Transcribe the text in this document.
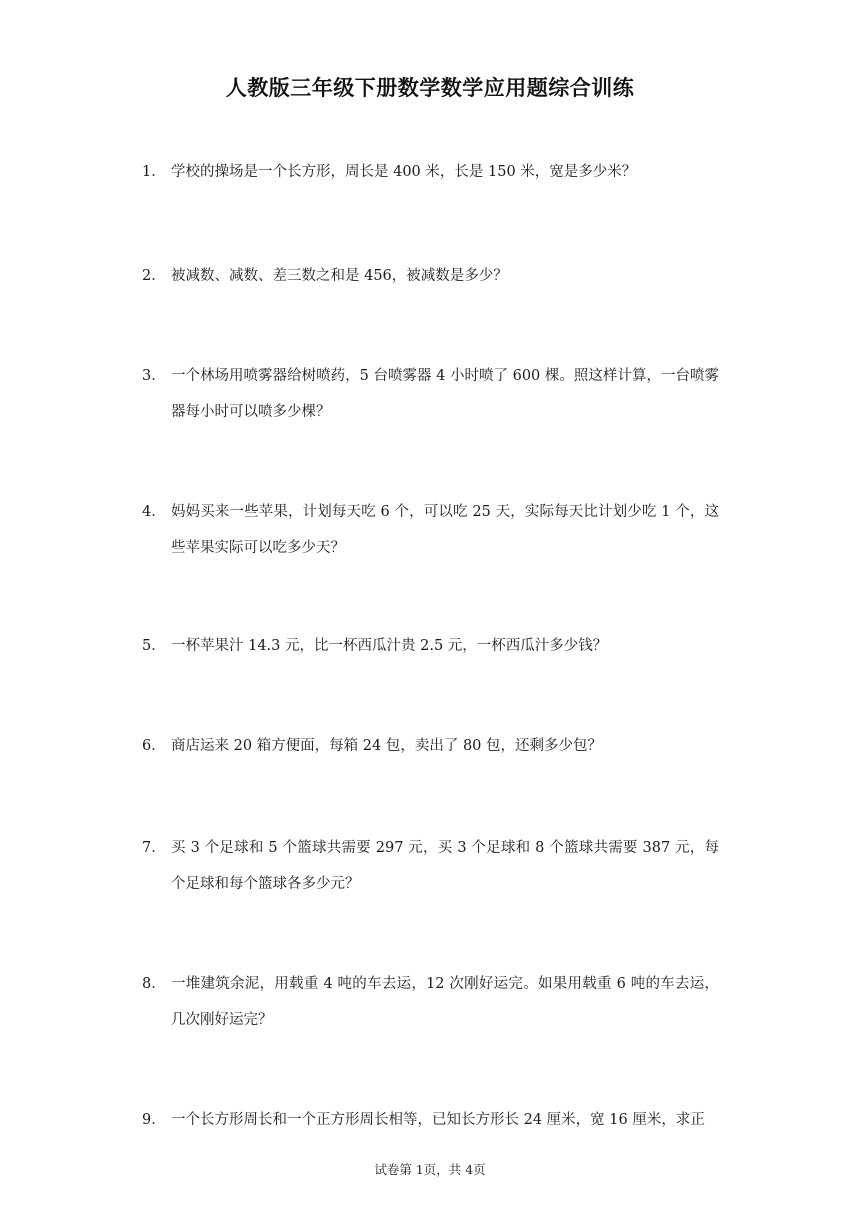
人教版三年级下册数学数学应用题综合训练
1． 学校的操场是一个长方形，周长是 400 米，长是 150 米，宽是多少米？
2． 被减数、减数、差三数之和是 456，被减数是多少？
3． 一个林场用喷雾器给树喷药，5 台喷雾器 4 小时喷了 600 棵。照这样计算，一台喷雾器每小时可以喷多少棵？
4． 妈妈买来一些苹果，计划每天吃 6 个，可以吃 25 天，实际每天比计划少吃 1 个，这些苹果实际可以吃多少天？
5． 一杯苹果汁 14.3 元，比一杯西瓜汁贵 2.5 元，一杯西瓜汁多少钱？
6． 商店运来 20 箱方便面，每箱 24 包，卖出了 80 包，还剩多少包？
7． 买 3 个足球和 5 个篮球共需要 297 元，买 3 个足球和 8 个篮球共需要 387 元，每个足球和每个篮球各多少元？
8． 一堆建筑余泥，用载重 4 吨的车去运，12 次刚好运完。如果用载重 6 吨的车去运，几次刚好运完？
9． 一个长方形周长和一个正方形周长相等，已知长方形长 24 厘米，宽 16 厘米，求正
试卷第 1页，共 4页
